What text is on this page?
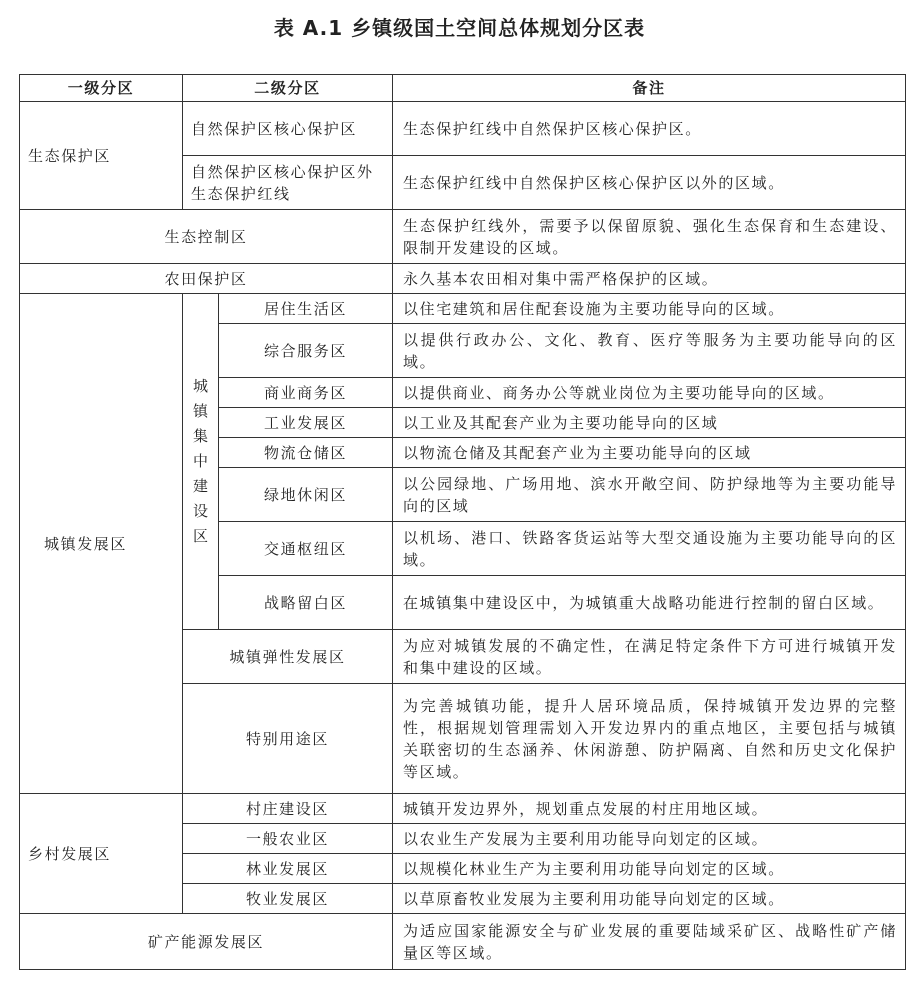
表 A.1 乡镇级国土空间总体规划分区表
一级分区	二级分区		备注
生态保护区	自然保护区核心保护区		生态保护红线中自然保护区核心保护区。
	自然保护区核心保护区外生态保护红线		生态保护红线中自然保护区核心保护区以外的区域。
生态控制区			生态保护红线外，需要予以保留原貌、强化生态保育和生态建设、限制开发建设的区域。
农田保护区			永久基本农田相对集中需严格保护的区域。
城镇发展区	城镇集中建设区	居住生活区	以住宅建筑和居住配套设施为主要功能导向的区域。
		综合服务区	以提供行政办公、文化、教育、医疗等服务为主要功能导向的区域。
		商业商务区	以提供商业、商务办公等就业岗位为主要功能导向的区域。
		工业发展区	以工业及其配套产业为主要功能导向的区域
		物流仓储区	以物流仓储及其配套产业为主要功能导向的区域
		绿地休闲区	以公园绿地、广场用地、滨水开敞空间、防护绿地等为主要功能导向的区域
		交通枢纽区	以机场、港口、铁路客货运站等大型交通设施为主要功能导向的区域。
		战略留白区	在城镇集中建设区中，为城镇重大战略功能进行控制的留白区域。
	城镇弹性发展区		为应对城镇发展的不确定性，在满足特定条件下方可进行城镇开发和集中建设的区域。
	特别用途区		为完善城镇功能，提升人居环境品质，保持城镇开发边界的完整性，根据规划管理需划入开发边界内的重点地区，主要包括与城镇关联密切的生态涵养、休闲游憩、防护隔离、自然和历史文化保护等区域。
乡村发展区	村庄建设区		城镇开发边界外，规划重点发展的村庄用地区域。
	一般农业区		以农业生产发展为主要利用功能导向划定的区域。
	林业发展区		以规模化林业生产为主要利用功能导向划定的区域。
	牧业发展区		以草原畜牧业发展为主要利用功能导向划定的区域。
矿产能源发展区			为适应国家能源安全与矿业发展的重要陆域采矿区、战略性矿产储量区等区域。
